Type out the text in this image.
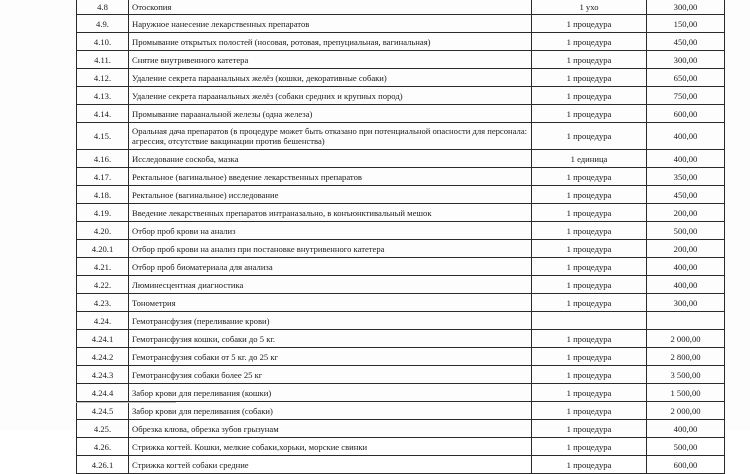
4.8	Отоскопия	1 ухо	300,00
4.9.	Наружное нанесение лекарственных препаратов	1 процедура	150,00
4.10.	Промывание открытых полостей (носовая, ротовая, препуциальная, вагинальная)	1 процедура	450,00
4.11.	Снятие внутривенного катетера	1 процедура	300,00
4.12.	Удаление секрета параанальных желёз (кошки, декоративные собаки)	1 процедура	650,00
4.13.	Удаление секрета параанальных желёз (собаки средних и крупных пород)	1 процедура	750,00
4.14.	Промывание параанальной железы (одна железа)	1 процедура	600,00
4.15.	Оральная дача препаратов (в процедуре может быть отказано при потенциальной опасности для персонала: агрессия, отсутствие вакцинации против бешенства)	1 процедура	400,00
4.16.	Исследование соскоба, мазка	1 единица	400,00
4.17.	Ректальное (вагинальное) введение лекарственных препаратов	1 процедура	350,00
4.18.	Ректальное (вагинальное) исследование	1 процедура	450,00
4.19.	Введение лекарственных препаратов интраназально, в конъюнктивальный мешок	1 процедура	200,00
4.20.	Отбор проб крови на анализ	1 процедура	500,00
4.20.1	Отбор проб крови на анализ при постановке внутривенного катетера	1 процедура	200,00
4.21.	Отбор проб биоматериала для анализа	1 процедура	400,00
4.22.	Люминесцентная диагностика	1 процедура	400,00
4.23.	Тонометрия	1 процедура	300,00
4.24.	Гемотрансфузия (переливание крови)		
4.24.1	Гемотрансфузия кошки, собаки до 5 кг.	1 процедура	2 000,00
4.24.2	Гемотрансфузия собаки от 5 кг. до 25 кг	1 процедура	2 800,00
4.24.3	Гемотрансфузия собаки более 25 кг	1 процедура	3 500,00
4.24.4	Забор крови для переливания (кошки)	1 процедура	1 500,00
4.24.5	Забор крови для переливания (собаки)	1 процедура	2 000,00
4.25.	Обрезка клюва, обрезка зубов грызунам	1 процедура	400,00
4.26.	Стрижка когтей. Кошки, мелкие собаки,хорьки, морские свинки	1 процедура	500,00
4.26.1	Стрижка когтей собаки средние	1 процедура	600,00
